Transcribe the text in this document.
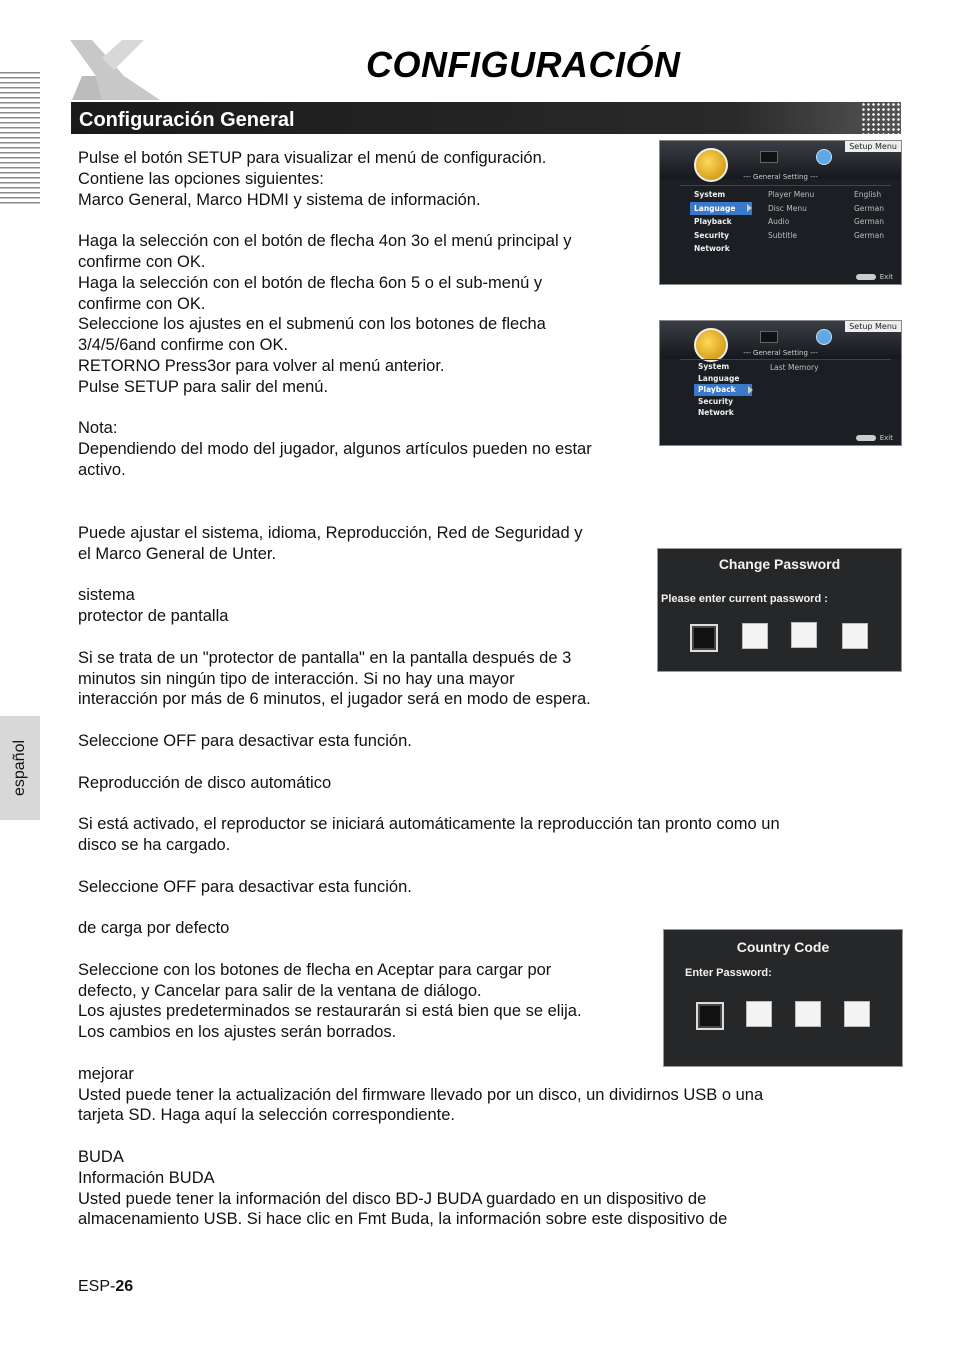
CONFIGURACIÓN
Configuración General

Pulse el botón SETUP para visualizar el menú de configuración.
Contiene las opciones siguientes:
Marco General, Marco HDMI y sistema de información.

Haga la selección con el botón de flecha 4on 3o el menú principal y
confirme con OK.
Haga la selección con el botón de flecha 6on 5 o el sub-menú y
confirme con OK.
Seleccione los ajustes en el submenú con los botones de flecha
3/4/5/6and confirme con OK.
RETORNO Press3or para volver al menú anterior.
Pulse SETUP para salir del menú.

Nota:
Dependiendo del modo del jugador, algunos artículos pueden no estar
activo.

Puede ajustar el sistema, idioma, Reproducción, Red de Seguridad y
el Marco General de Unter.

sistema
protector de pantalla

Si se trata de un "protector de pantalla" en la pantalla después de 3
minutos sin ningún tipo de interacción. Si no hay una mayor
interacción por más de 6 minutos, el jugador será en modo de espera.

Seleccione OFF para desactivar esta función.

Reproducción de disco automático

Si está activado, el reproductor se iniciará automáticamente la reproducción tan pronto como un
disco se ha cargado.

Seleccione OFF para desactivar esta función.

de carga por defecto

Seleccione con los botones de flecha en Aceptar para cargar por
defecto, y Cancelar para salir de la ventana de diálogo.
Los ajustes predeterminados se restaurarán si está bien que se elija.
Los cambios en los ajustes serán borrados.

mejorar
Usted puede tener la actualización del firmware llevado por un disco, un dividirnos USB o una
tarjeta SD. Haga aquí la selección correspondiente.

BUDA
Información BUDA
Usted puede tener la información del disco BD-J BUDA guardado en un dispositivo de
almacenamiento USB. Si hace clic en Fmt Buda, la información sobre este dispositivo de

español
ESP-26
Setup Menu
--- General Setting ---
System
Language
Playback
Security
Network
Player Menu
Disc Menu
Audio
Subtitle
English
German
German
German
Exit
Setup Menu
--- General Setting ---
System
Language
Playback
Security
Network
Last Memory
Exit
Change Password
Please enter current password :
Country Code
Enter Password:
